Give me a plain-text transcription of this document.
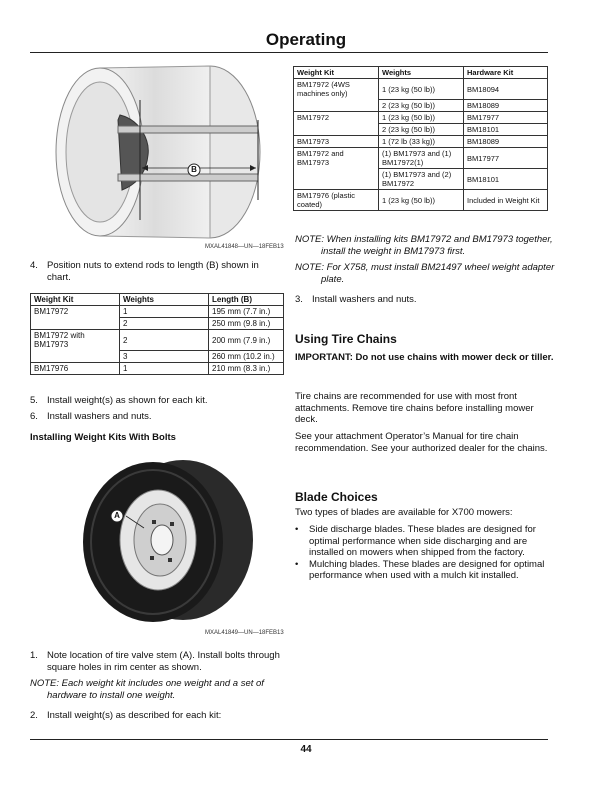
Operating
B
MXAL41848—UN—18FEB13
4. Position nuts to extend rods to length (B) shown in chart.
Weight Kit	Weights	Length (B)
BM17972	1	195 mm (7.7 in.)
	2	250 mm (9.8 in.)
BM17972 with BM17973	2	200 mm (7.9 in.)
	3	260 mm (10.2 in.)
BM17976	1	210 mm (8.3 in.)
5. Install weight(s) as shown for each kit.
6. Install washers and nuts.
Installing Weight Kits With Bolts
A
MXAL41849—UN—18FEB13
1. Note location of tire valve stem (A). Install bolts through square holes in rim center as shown.
NOTE: Each weight kit includes one weight and a set of hardware to install one weight.
2. Install weight(s) as described for each kit:
Weight Kit	Weights	Hardware Kit
BM17972 (4WS machines only)	1 (23 kg (50 lb))	BM18094
	2 (23 kg (50 lb))	BM18089
BM17972	1 (23 kg (50 lb))	BM17977
	2 (23 kg (50 lb))	BM18101
BM17973	1 (72 lb (33 kg))	BM18089
BM17972 and BM17973	(1) BM17973 and (1) BM17972(1)	BM17977
	(1) BM17973 and (2) BM17972	BM18101
BM17976 (plastic coated)	1 (23 kg (50 lb))	Included in Weight Kit
NOTE: When installing kits BM17972 and BM17973 together, install the weight in BM17973 first.
NOTE: For X758, must install BM21497 wheel weight adapter plate.
3. Install washers and nuts.
Using Tire Chains
IMPORTANT: Do not use chains with mower deck or tiller.
Tire chains are recommended for use with most front attachments. Remove tire chains before installing mower deck.
See your attachment Operator’s Manual for tire chain recommendation. See your authorized dealer for the chains.
Blade Choices
Two types of blades are available for X700 mowers:
•	Side discharge blades. These blades are designed for optimal performance when side discharging and are installed on mowers when shipped from the factory.
•	Mulching blades. These blades are designed for optimal performance when used with a mulch kit installed.
44
